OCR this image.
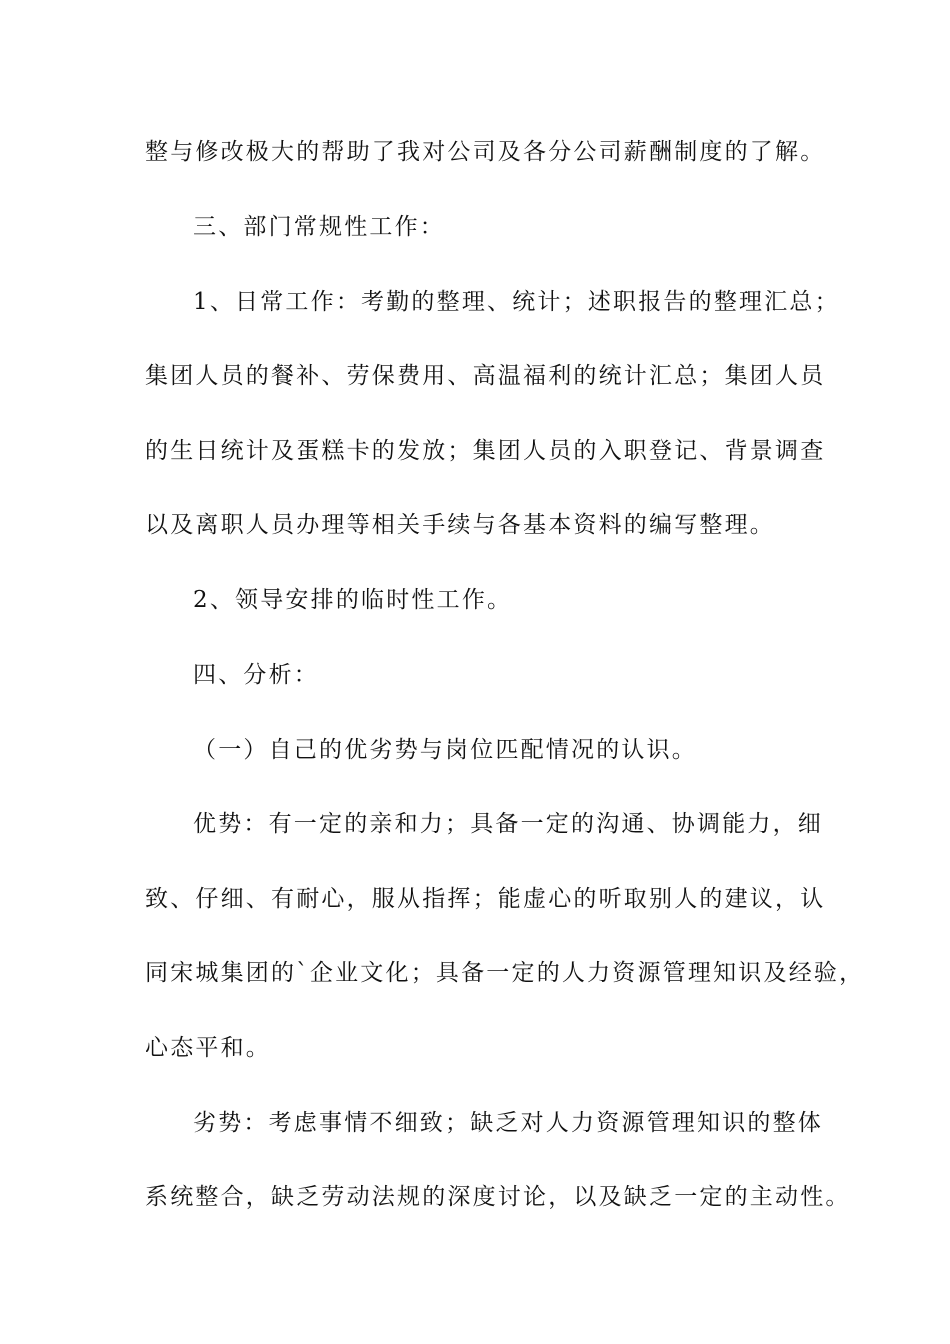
整与修改极大的帮助了我对公司及各分公司薪酬制度的了解。

三、部门常规性工作：

1、日常工作：考勤的整理、统计；述职报告的整理汇总；

集团人员的餐补、劳保费用、高温福利的统计汇总；集团人员

的生日统计及蛋糕卡的发放；集团人员的入职登记、背景调查

以及离职人员办理等相关手续与各基本资料的编写整理。

2、领导安排的临时性工作。

四、分析：

（一）自己的优劣势与岗位匹配情况的认识。

优势：有一定的亲和力；具备一定的沟通、协调能力，细

致、仔细、有耐心，服从指挥；能虚心的听取别人的建议，认

同宋城集团的`企业文化；具备一定的人力资源管理知识及经验，

心态平和。

劣势：考虑事情不细致；缺乏对人力资源管理知识的整体

系统整合，缺乏劳动法规的深度讨论，以及缺乏一定的主动性。
